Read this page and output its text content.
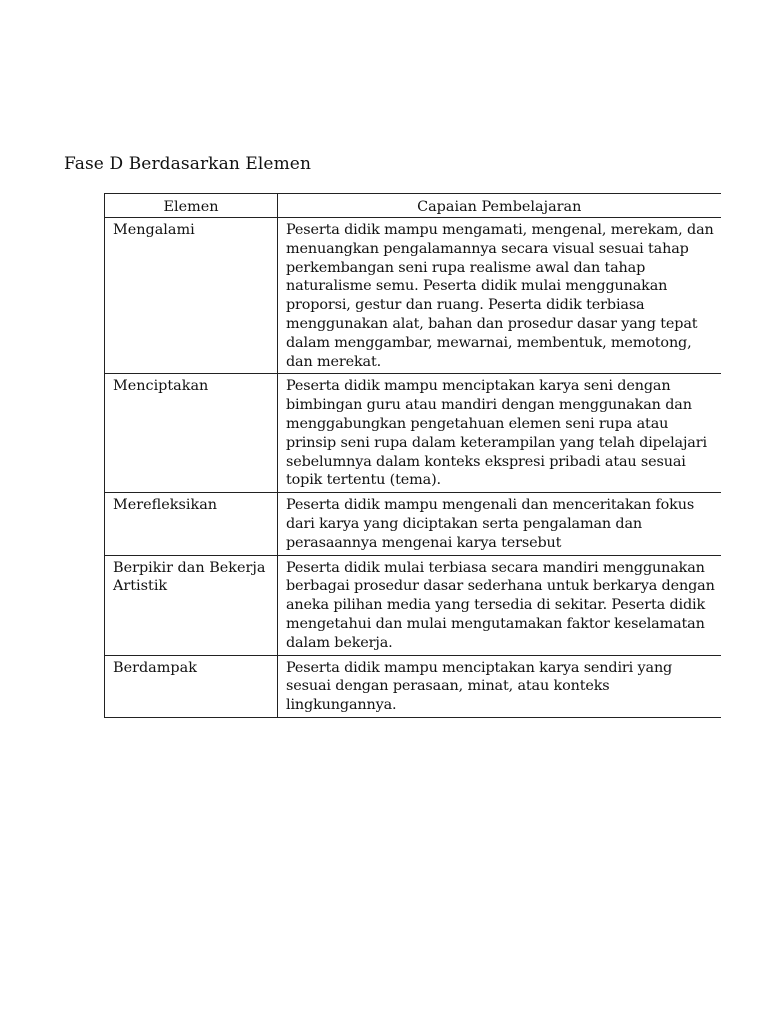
Fase D Berdasarkan Elemen
Elemen	Capaian Pembelajaran
Mengalami	Peserta didik mampu mengamati, mengenal, merekam, dan menuangkan pengalamannya secara visual sesuai tahap perkembangan seni rupa realisme awal dan tahap naturalisme semu. Peserta didik mulai menggunakan proporsi, gestur dan ruang. Peserta didik terbiasa menggunakan alat, bahan dan prosedur dasar yang tepat dalam menggambar, mewarnai, membentuk, memotong, dan merekat.
Menciptakan	Peserta didik mampu menciptakan karya seni dengan bimbingan guru atau mandiri dengan menggunakan dan menggabungkan pengetahuan elemen seni rupa atau prinsip seni rupa dalam keterampilan yang telah dipelajari sebelumnya dalam konteks ekspresi pribadi atau sesuai topik tertentu (tema).
Merefleksikan	Peserta didik mampu mengenali dan menceritakan fokus dari karya yang diciptakan serta pengalaman dan perasaannya mengenai karya tersebut
Berpikir dan Bekerja Artistik	Peserta didik mulai terbiasa secara mandiri menggunakan berbagai prosedur dasar sederhana untuk berkarya dengan aneka pilihan media yang tersedia di sekitar. Peserta didik mengetahui dan mulai mengutamakan faktor keselamatan dalam bekerja.
Berdampak	Peserta didik mampu menciptakan karya sendiri yang sesuai dengan perasaan, minat, atau konteks lingkungannya.
